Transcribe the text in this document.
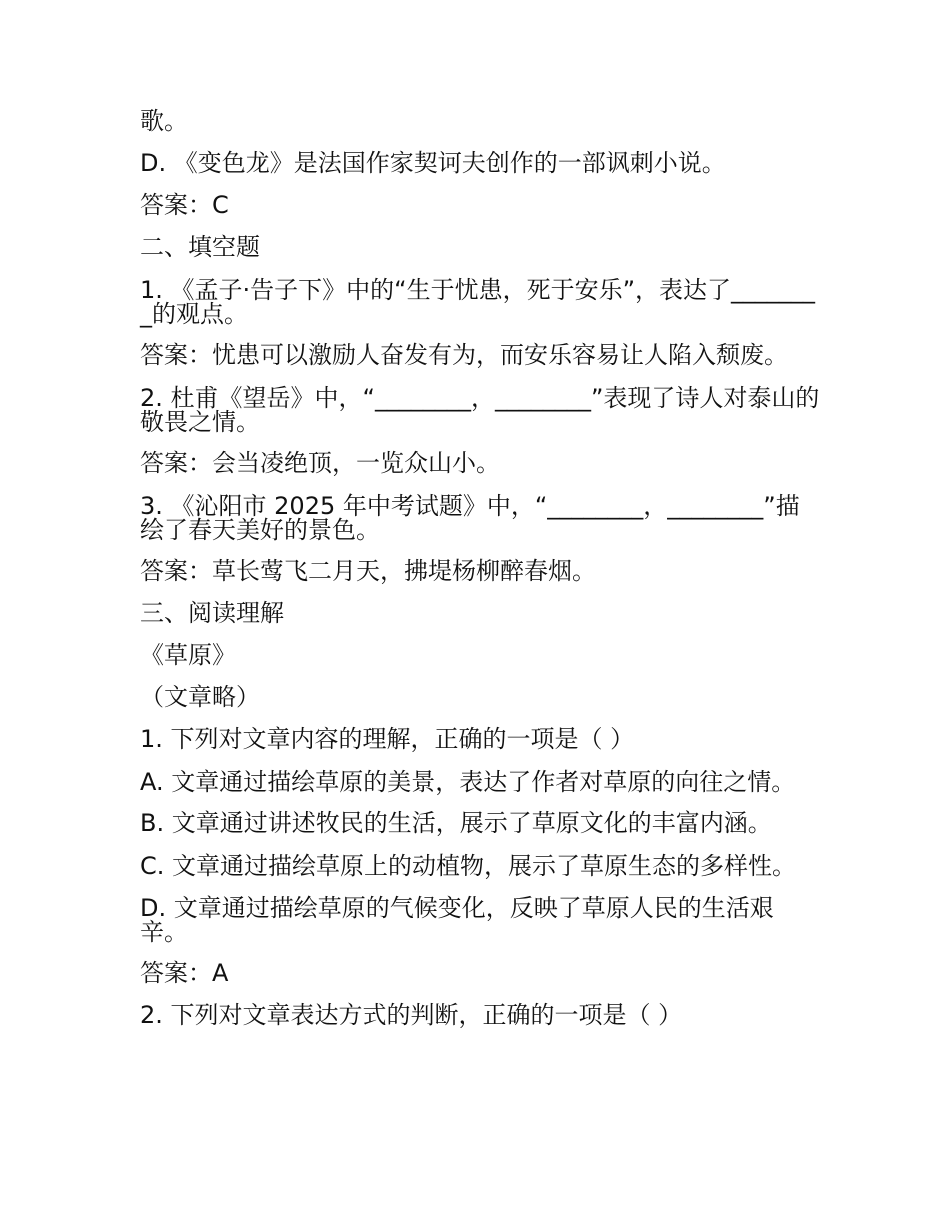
歌。

D. 《变色龙》是法国作家契诃夫创作的一部讽刺小说。

答案：C

二、填空题

1. 《孟子·告子下》中的“生于忧患，死于安乐”，表达了________的观点。

答案：忧患可以激励人奋发有为，而安乐容易让人陷入颓废。

2. 杜甫《望岳》中，“________，________”表现了诗人对泰山的敬畏之情。

答案：会当凌绝顶，一览众山小。

3. 《沁阳市 2025 年中考试题》中，“________，________”描绘了春天美好的景色。

答案：草长莺飞二月天，拂堤杨柳醉春烟。

三、阅读理解

《草原》

（文章略）

1. 下列对文章内容的理解，正确的一项是（ ）

A. 文章通过描绘草原的美景，表达了作者对草原的向往之情。

B. 文章通过讲述牧民的生活，展示了草原文化的丰富内涵。

C. 文章通过描绘草原上的动植物，展示了草原生态的多样性。

D. 文章通过描绘草原的气候变化，反映了草原人民的生活艰辛。

答案：A

2. 下列对文章表达方式的判断，正确的一项是（ ）
